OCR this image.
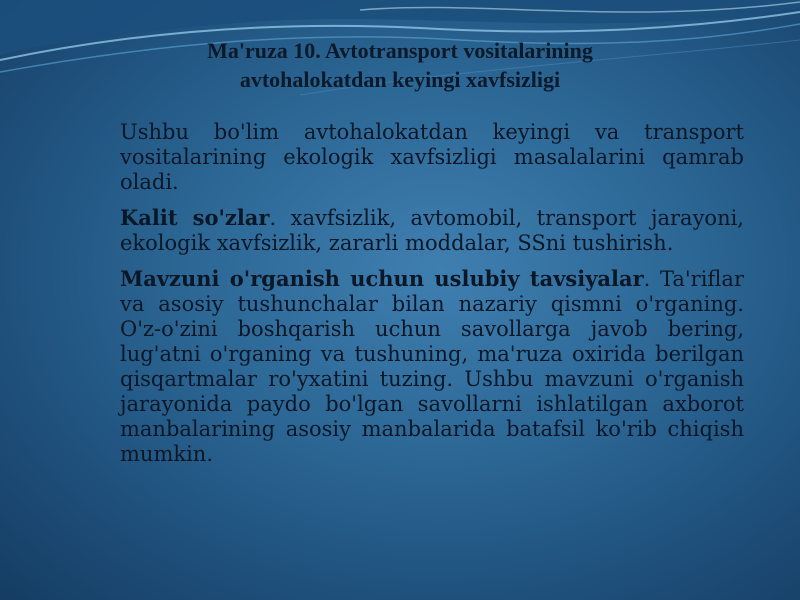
Ma'ruza 10. Avtotransport vositalarining
avtohalokatdan keyingi xavfsizligi

Ushbu bo'lim avtohalokatdan keyingi va transport vositalarining ekologik xavfsizligi masalalarini qamrab oladi.

Kalit so'zlar. xavfsizlik, avtomobil, transport jarayoni, ekologik xavfsizlik, zararli moddalar, SSni tushirish.

Mavzuni o'rganish uchun uslubiy tavsiyalar. Ta'riflar va asosiy tushunchalar bilan nazariy qismni o'rganing. O'z-o'zini boshqarish uchun savollarga javob bering, lug'atni o'rganing va tushuning, ma'ruza oxirida berilgan qisqartmalar ro'yxatini tuzing. Ushbu mavzuni o'rganish jarayonida paydo bo'lgan savollarni ishlatilgan axborot manbalarining asosiy manbalarida batafsil ko'rib chiqish mumkin.
